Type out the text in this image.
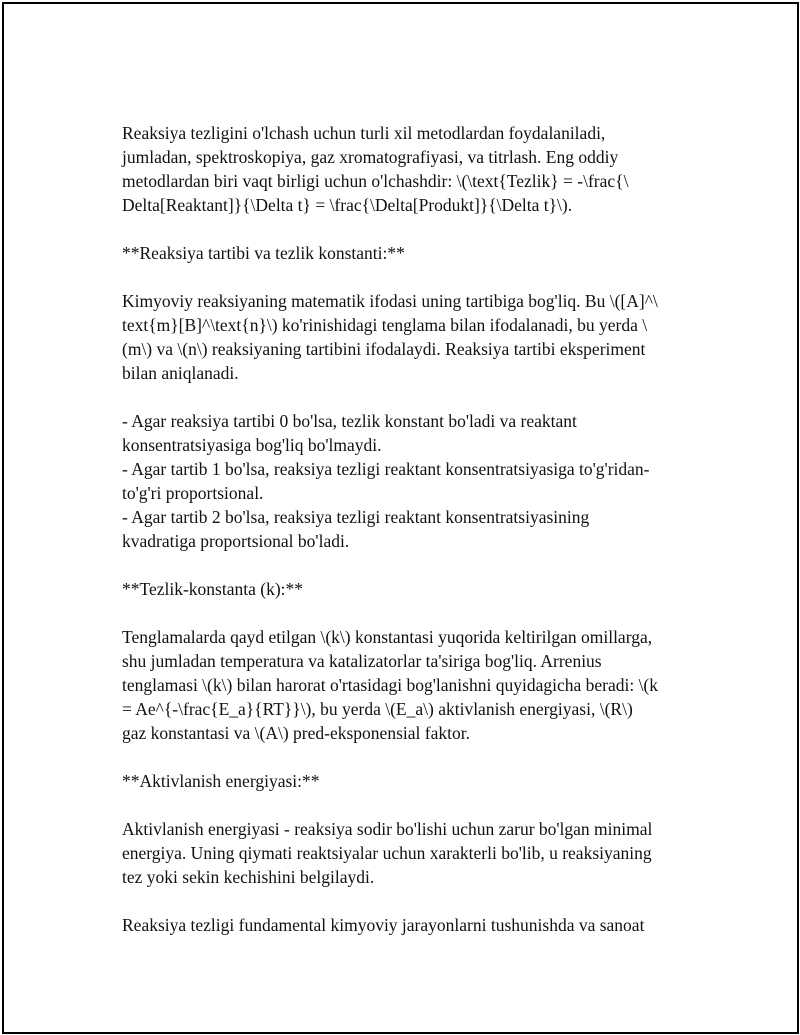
Reaksiya tezligini o'lchash uchun turli xil metodlardan foydalaniladi,
jumladan, spektroskopiya, gaz xromatografiyasi, va titrlash. Eng oddiy
metodlardan biri vaqt birligi uchun o'lchashdir: \(\text{Tezlik} = -\frac{\
Delta[Reaktant]}{\Delta t} = \frac{\Delta[Produkt]}{\Delta t}\).

**Reaksiya tartibi va tezlik konstanti:**

Kimyoviy reaksiyaning matematik ifodasi uning tartibiga bog'liq. Bu \([A]^\
text{m}[B]^\text{n}\) ko'rinishidagi tenglama bilan ifodalanadi, bu yerda \
(m\) va \(n\) reaksiyaning tartibini ifodalaydi. Reaksiya tartibi eksperiment
bilan aniqlanadi.

- Agar reaksiya tartibi 0 bo'lsa, tezlik konstant bo'ladi va reaktant
konsentratsiyasiga bog'liq bo'lmaydi.
- Agar tartib 1 bo'lsa, reaksiya tezligi reaktant konsentratsiyasiga to'g'ridan-
to'g'ri proportsional.
- Agar tartib 2 bo'lsa, reaksiya tezligi reaktant konsentratsiyasining
kvadratiga proportsional bo'ladi.

**Tezlik-konstanta (k):**

Tenglamalarda qayd etilgan \(k\) konstantasi yuqorida keltirilgan omillarga,
shu jumladan temperatura va katalizatorlar ta'siriga bog'liq. Arrenius
tenglamasi \(k\) bilan harorat o'rtasidagi bog'lanishni quyidagicha beradi: \(k
= Ae^{-\frac{E_a}{RT}}\), bu yerda \(E_a\) aktivlanish energiyasi, \(R\)
gaz konstantasi va \(A\) pred-eksponensial faktor.

**Aktivlanish energiyasi:**

Aktivlanish energiyasi - reaksiya sodir bo'lishi uchun zarur bo'lgan minimal
energiya. Uning qiymati reaktsiyalar uchun xarakterli bo'lib, u reaksiyaning
tez yoki sekin kechishini belgilaydi.

Reaksiya tezligi fundamental kimyoviy jarayonlarni tushunishda va sanoat
